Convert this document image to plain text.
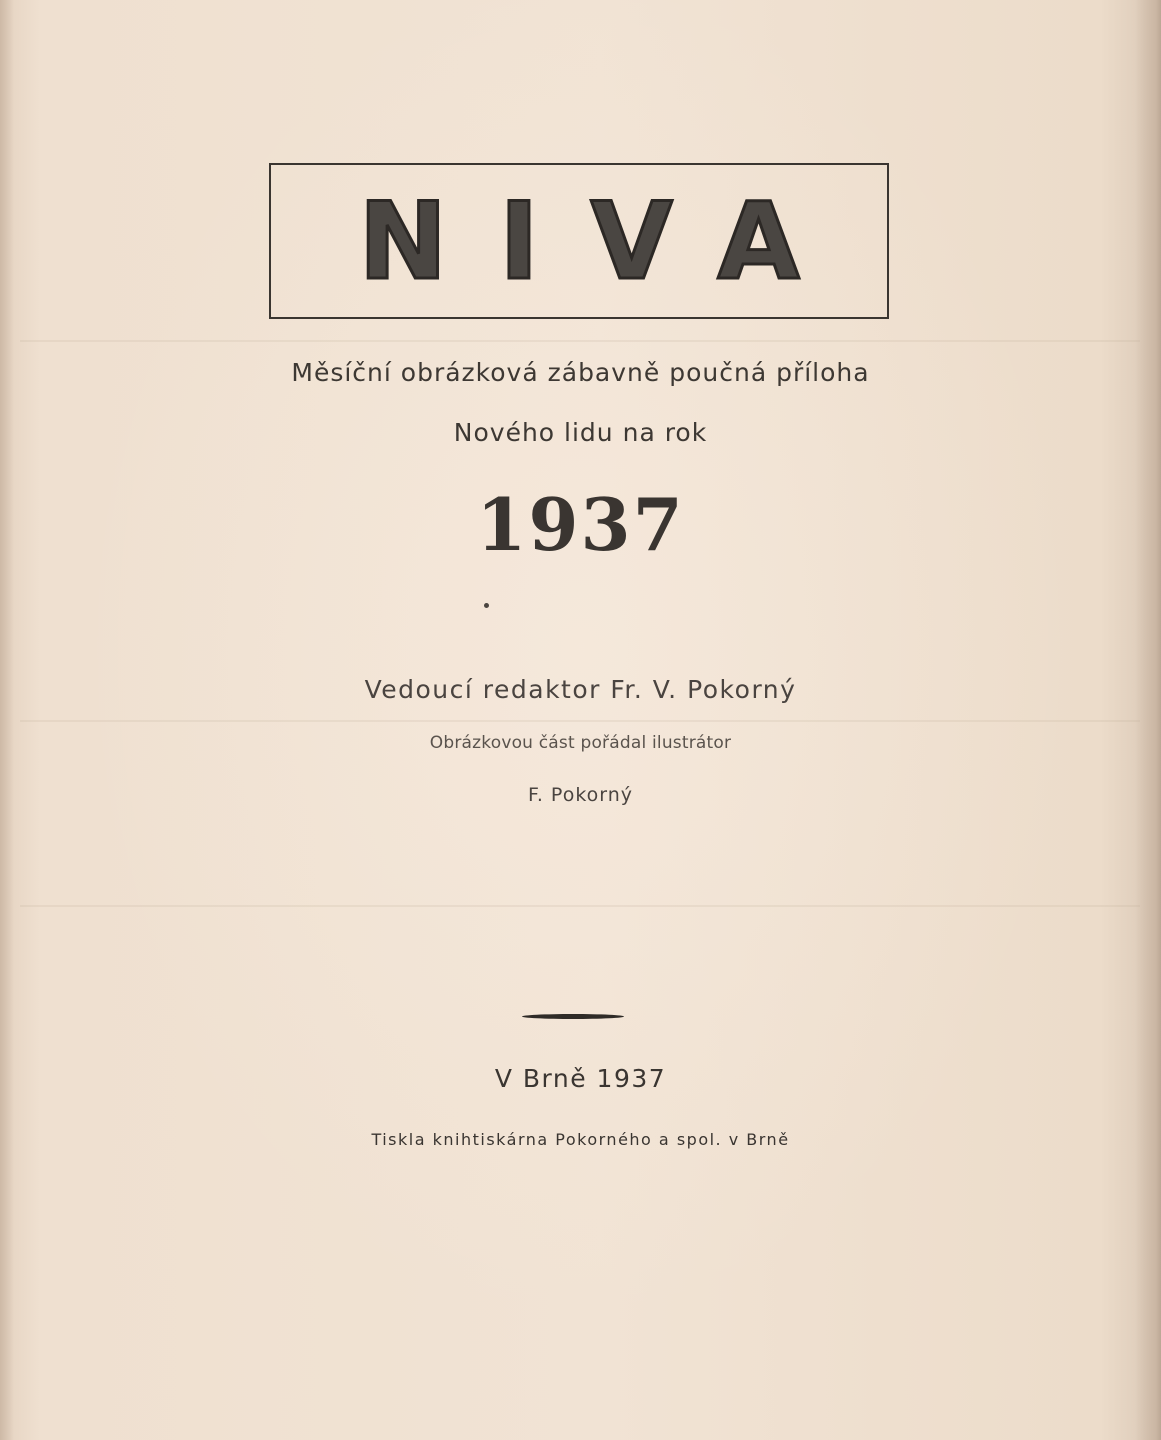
NIVA
Měsíční obrázková zábavně poučná příloha
Nového lidu na rok
1937
Vedoucí redaktor Fr. V. Pokorný
Obrázkovou část pořádal ilustrátor
F. Pokorný
V Brně 1937
Tiskla knihtiskárna Pokorného a spol. v Brně
